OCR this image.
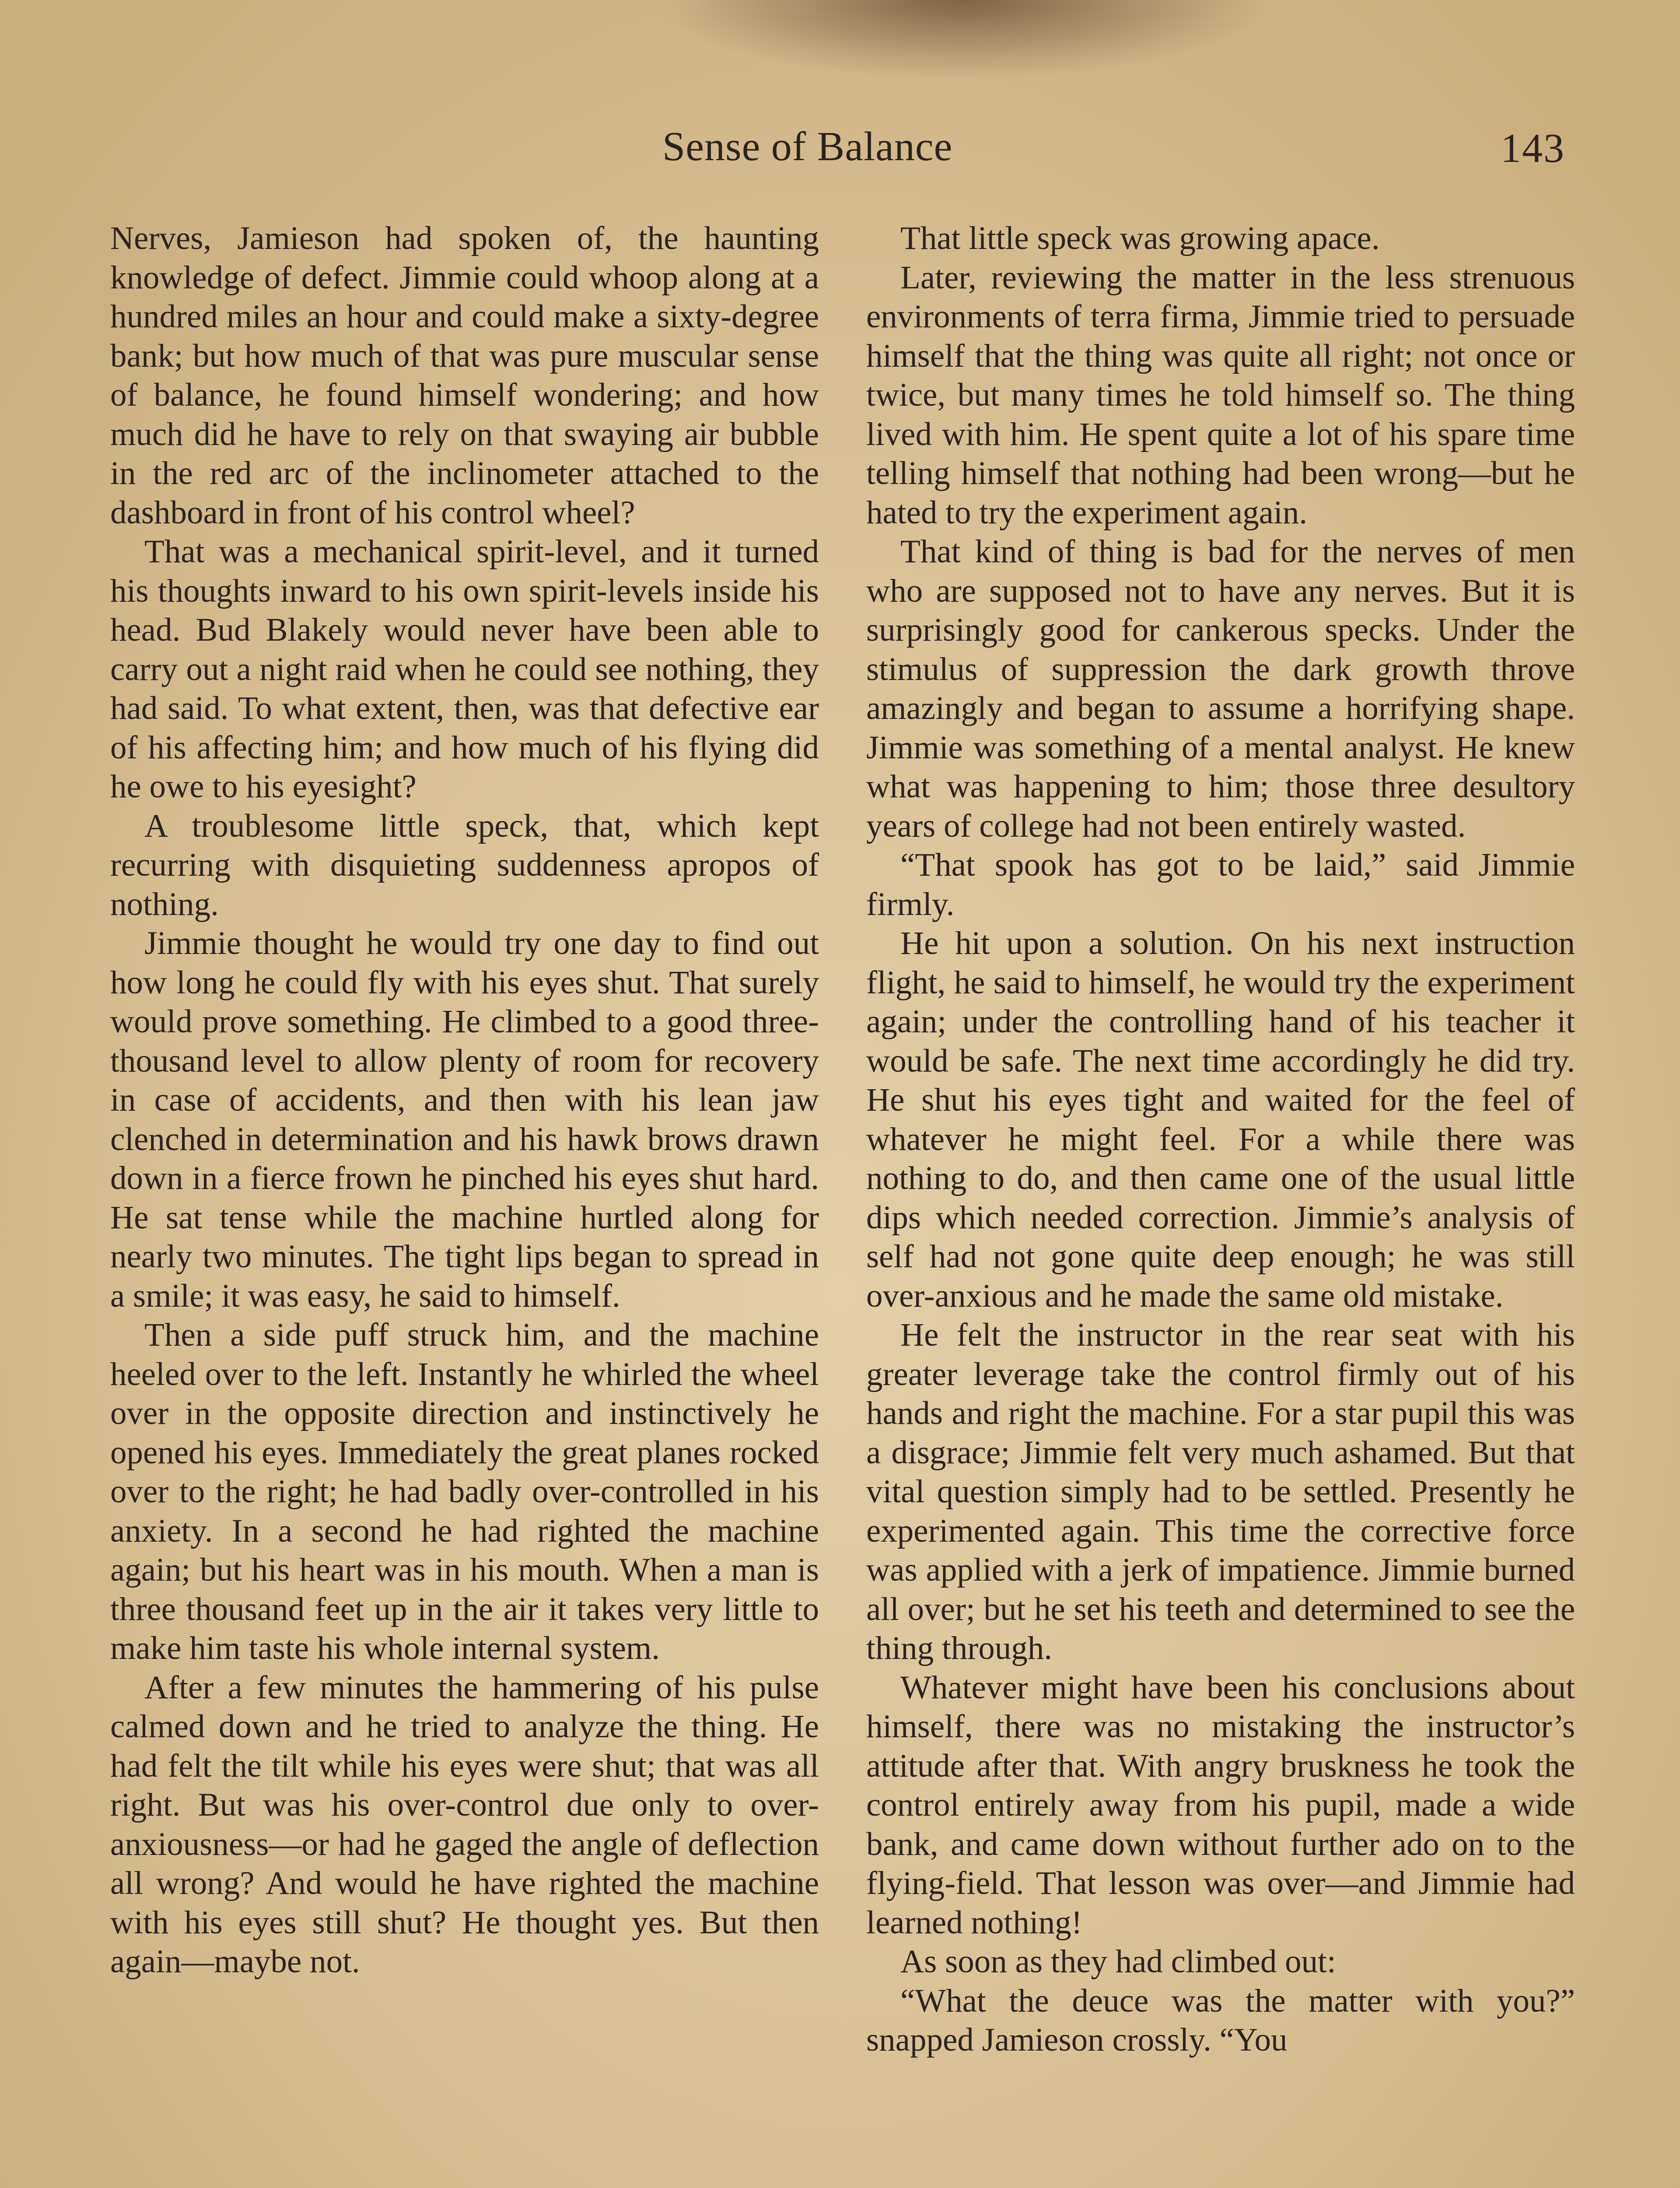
Sense of Balance	143

Nerves, Jamieson had spoken of, the haunting knowledge of defect. Jimmie could whoop along at a hundred miles an hour and could make a sixty-degree bank; but how much of that was pure muscular sense of balance, he found himself wondering; and how much did he have to rely on that swaying air bubble in the red arc of the inclinometer attached to the dashboard in front of his control wheel?

That was a mechanical spirit-level, and it turned his thoughts inward to his own spirit-levels inside his head. Bud Blakely would never have been able to carry out a night raid when he could see nothing, they had said. To what extent, then, was that defective ear of his affecting him; and how much of his flying did he owe to his eyesight?

A troublesome little speck, that, which kept recurring with disquieting suddenness apropos of nothing.

Jimmie thought he would try one day to find out how long he could fly with his eyes shut. That surely would prove something. He climbed to a good three-thousand level to allow plenty of room for recovery in case of accidents, and then with his lean jaw clenched in determination and his hawk brows drawn down in a fierce frown he pinched his eyes shut hard. He sat tense while the machine hurtled along for nearly two minutes. The tight lips began to spread in a smile; it was easy, he said to himself.

Then a side puff struck him, and the machine heeled over to the left. Instantly he whirled the wheel over in the opposite direction and instinctively he opened his eyes. Immediately the great planes rocked over to the right; he had badly over-controlled in his anxiety. In a second he had righted the machine again; but his heart was in his mouth. When a man is three thousand feet up in the air it takes very little to make him taste his whole internal system.

After a few minutes the hammering of his pulse calmed down and he tried to analyze the thing. He had felt the tilt while his eyes were shut; that was all right. But was his over-control due only to over-anxiousness—or had he gaged the angle of deflection all wrong? And would he have righted the machine with his eyes still shut? He thought yes. But then again—maybe not.

That little speck was growing apace.

Later, reviewing the matter in the less strenuous environments of terra firma, Jimmie tried to persuade himself that the thing was quite all right; not once or twice, but many times he told himself so. The thing lived with him. He spent quite a lot of his spare time telling himself that nothing had been wrong—but he hated to try the experiment again.

That kind of thing is bad for the nerves of men who are supposed not to have any nerves. But it is surprisingly good for cankerous specks. Under the stimulus of suppression the dark growth throve amazingly and began to assume a horrifying shape. Jimmie was something of a mental analyst. He knew what was happening to him; those three desultory years of college had not been entirely wasted.

“That spook has got to be laid,” said Jimmie firmly.

He hit upon a solution. On his next instruction flight, he said to himself, he would try the experiment again; under the controlling hand of his teacher it would be safe. The next time accordingly he did try. He shut his eyes tight and waited for the feel of whatever he might feel. For a while there was nothing to do, and then came one of the usual little dips which needed correction. Jimmie’s analysis of self had not gone quite deep enough; he was still over-anxious and he made the same old mistake.

He felt the instructor in the rear seat with his greater leverage take the control firmly out of his hands and right the machine. For a star pupil this was a disgrace; Jimmie felt very much ashamed. But that vital question simply had to be settled. Presently he experimented again. This time the corrective force was applied with a jerk of impatience. Jimmie burned all over; but he set his teeth and determined to see the thing through.

Whatever might have been his conclusions about himself, there was no mistaking the instructor’s attitude after that. With angry bruskness he took the control entirely away from his pupil, made a wide bank, and came down without further ado on to the flying-field. That lesson was over—and Jimmie had learned nothing!

As soon as they had climbed out:

“What the deuce was the matter with you?” snapped Jamieson crossly. “You
